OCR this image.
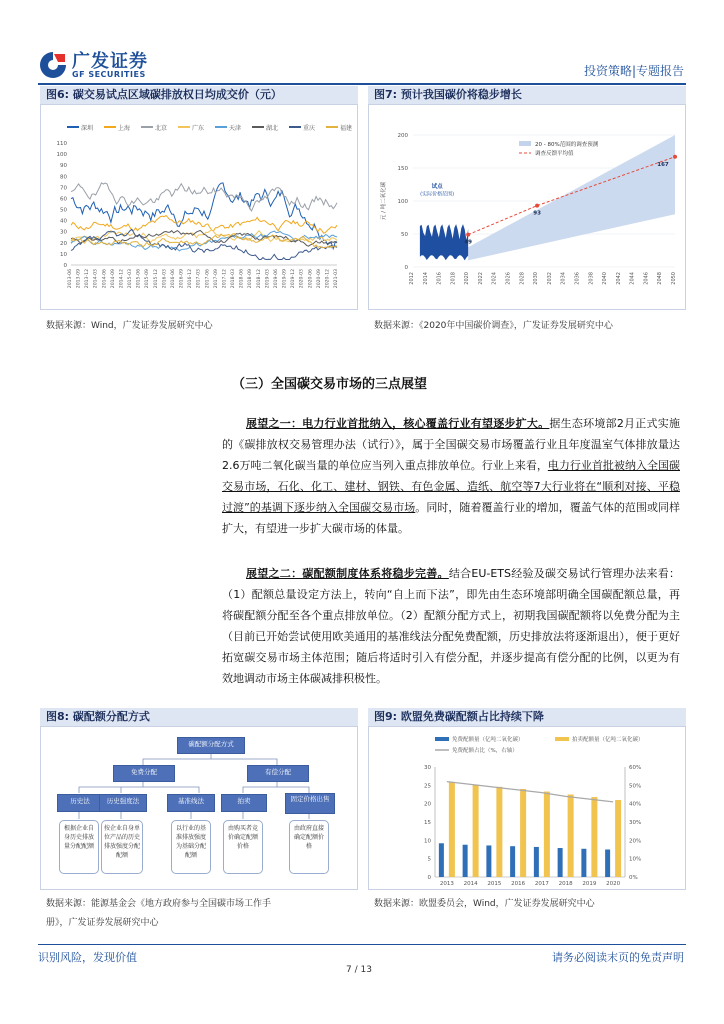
广发证券
GF SECURITIES	投资策略|专题报告
图6: 碳交易试点区域碳排放权日均成交价（元）
深圳	上海	北京	广东	天津	湖北	重庆	福建
0
10
20
30
40
50
60
70
80
90
100
110
2013-06 2013-09 2013-12 2014-03 2014-06 2014-09 2014-12 2015-03 2015-06 2015-09 2015-12 2016-03 2016-06 2016-09 2016-12 2017-03 2017-06 2017-09 2017-12 2018-03 2018-06 2018-09 2018-12 2019-03 2019-06 2019-09 2019-12 2020-03 2020-06 2020-09 2020-12 2021-03
数据来源：Wind，广发证券发展研究中心
图7: 预计我国碳价将稳步增长
0
50
100
150
200
2012 2014 2016 2018 2020 2022 2024 2026 2028 2030 2032 2034 2036 2038 2040 2042 2044 2046 2048 2050
元 / 吨二氧化碳
49
93
167
20 - 80%范围的调查预测
调查反馈平均值
试点
(实际价格范围)
全国碳市场（预测）
数据来源：《2020年中国碳价调查》，广发证券发展研究中心
（三）全国碳交易市场的三点展望
展望之一：电力行业首批纳入，核心覆盖行业有望逐步扩大。据生态环境部2月正式实施的《碳排放权交易管理办法（试行）》，属于全国碳交易市场覆盖行业且年度温室气体排放量达2.6万吨二氧化碳当量的单位应当列入重点排放单位。行业上来看，电力行业首批被纳入全国碳交易市场，石化、化工、建材、钢铁、有色金属、造纸、航空等7大行业将在“顺利对接、平稳过渡”的基调下逐步纳入全国碳交易市场。同时，随着覆盖行业的增加，覆盖气体的范围或同样扩大，有望进一步扩大碳市场的体量。
展望之二：碳配额制度体系将稳步完善。结合EU-ETS经验及碳交易试行管理办法来看：（1）配额总量设定方法上，转向“自上而下法”，即先由生态环境部明确全国碳配额总量，再将碳配额分配至各个重点排放单位。（2）配额分配方式上，初期我国碳配额将以免费分配为主（目前已开始尝试使用欧美通用的基准线法分配免费配额，历史排放法将逐渐退出），便于更好拓宽碳交易市场主体范围；随后将适时引入有偿分配，并逐步提高有偿分配的比例，以更为有效地调动市场主体碳减排积极性。
图8: 碳配额分配方式
碳配额分配方式
免费分配	有偿分配
历史法	历史强度法	基准线法	拍卖	固定价格出售
根据企业自身历史排放量分配配额
按企业自身单位产品的历史排放强度分配配额
以行业的基准排放强度为基础分配配额
由购买者竞价确定配额价格
由政府直接确定配额价格
数据来源：能源基金会《地方政府参与全国碳市场工作手
册》，广发证券发展研究中心
图9: 欧盟免费碳配额占比持续下降
免费配额量（亿吨二氧化碳）	拍卖配额量（亿吨二氧化碳）
免费配额占比（%，右轴）
0
5
10
15
20
25
30
0%
10%
20%
30%
40%
50%
60%
2013 2014 2015 2016 2017 2018 2019 2020
数据来源：欧盟委员会，Wind，广发证券发展研究中心
识别风险，发现价值	请务必阅读末页的免责声明
7 / 13
